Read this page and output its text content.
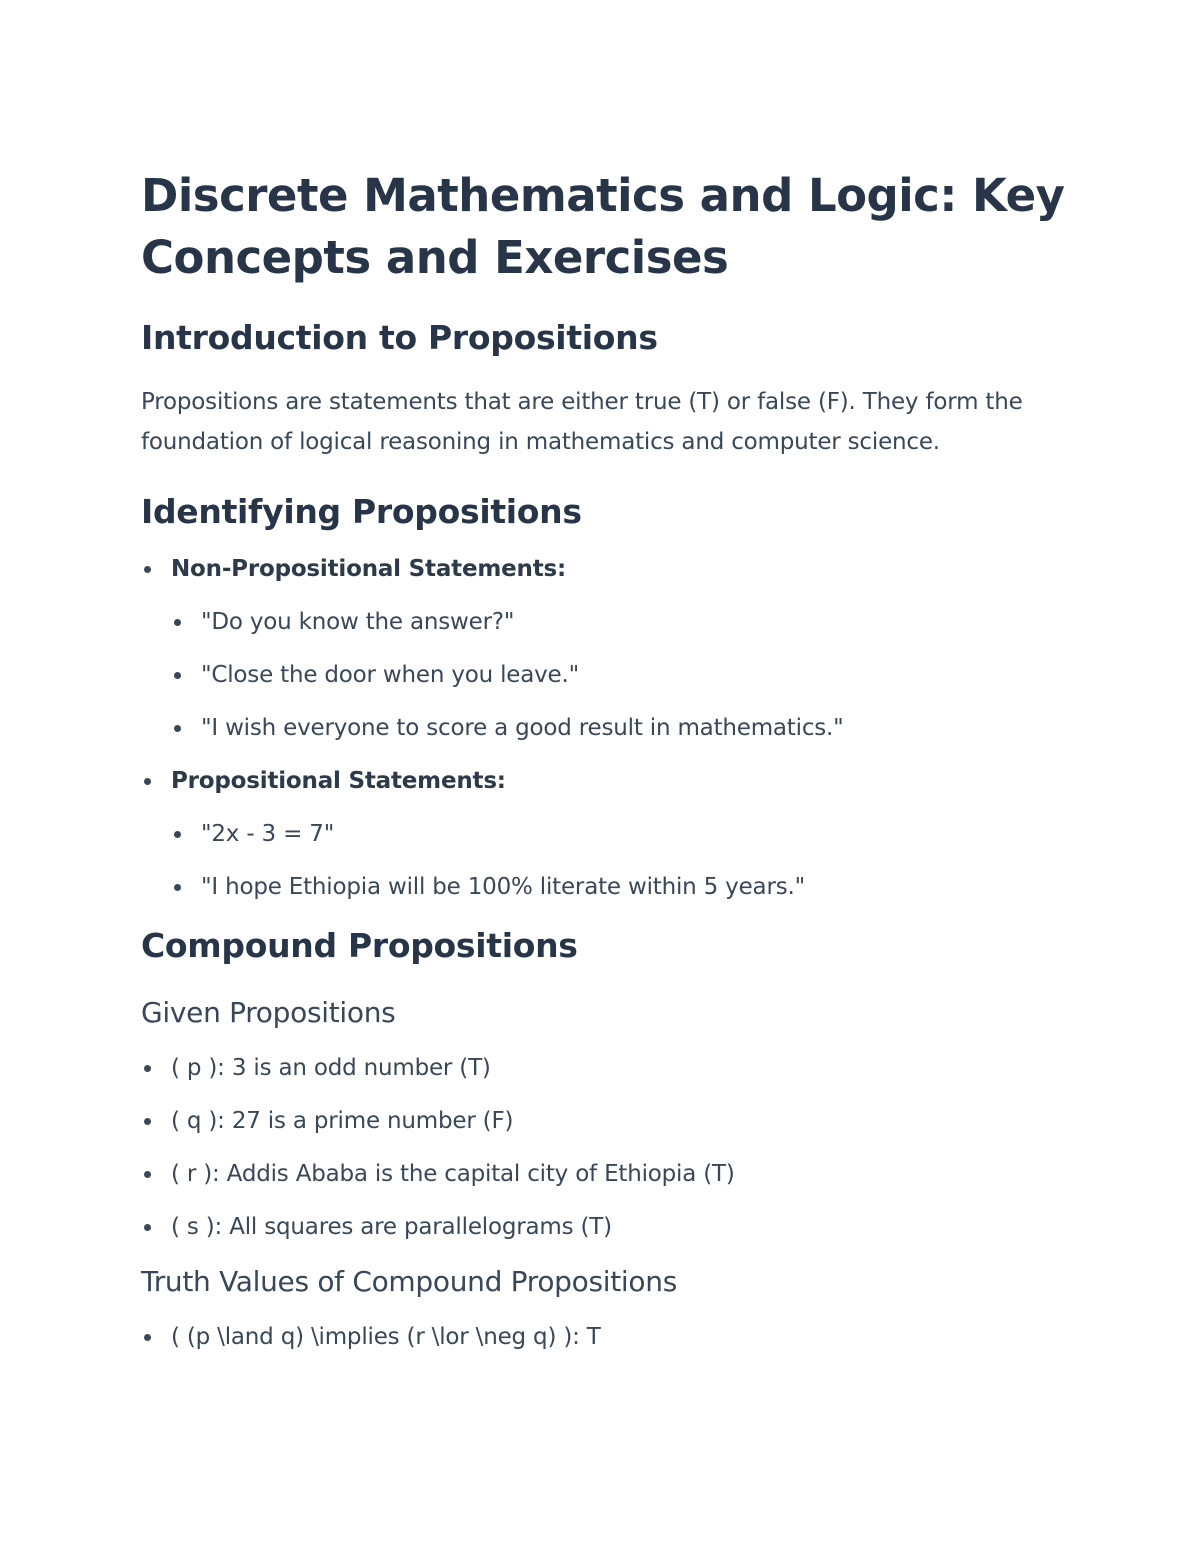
Discrete Mathematics and Logic: Key Concepts and Exercises
Introduction to Propositions

Propositions are statements that are either true (T) or false (F). They form the foundation of logical reasoning in mathematics and computer science.

Identifying Propositions
Non-Propositional Statements:
"Do you know the answer?"
"Close the door when you leave."
"I wish everyone to score a good result in mathematics."
Propositional Statements:
"2x - 3 = 7"
"I hope Ethiopia will be 100% literate within 5 years."
Compound Propositions
Given Propositions
( p ): 3 is an odd number (T)
( q ): 27 is a prime number (F)
( r ): Addis Ababa is the capital city of Ethiopia (T)
( s ): All squares are parallelograms (T)
Truth Values of Compound Propositions
( (p \land q) \implies (r \lor \neg q) ): T
